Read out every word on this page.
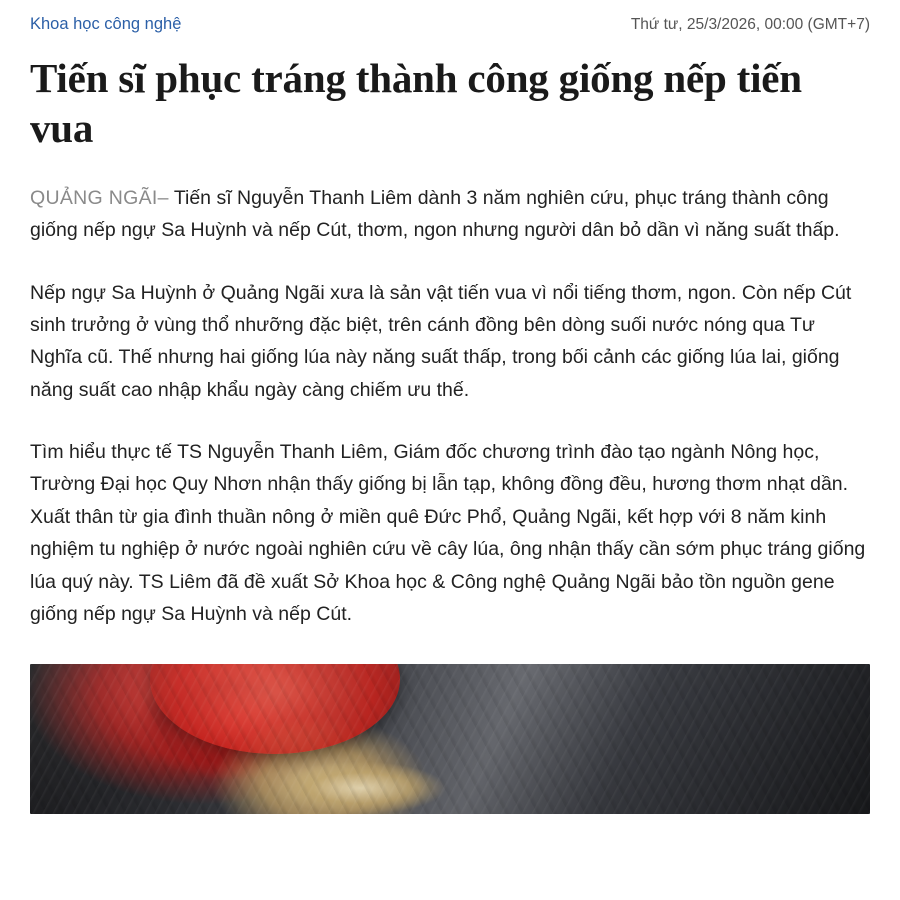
Khoa học công nghệ	Thứ tư, 25/3/2026, 00:00 (GMT+7)
Tiến sĩ phục tráng thành công giống nếp tiến vua

QUẢNG NGÃI– Tiến sĩ Nguyễn Thanh Liêm dành 3 năm nghiên cứu, phục tráng thành công giống nếp ngự Sa Huỳnh và nếp Cút, thơm, ngon nhưng người dân bỏ dần vì năng suất thấp.

Nếp ngự Sa Huỳnh ở Quảng Ngãi xưa là sản vật tiến vua vì nổi tiếng thơm, ngon. Còn nếp Cút sinh trưởng ở vùng thổ nhưỡng đặc biệt, trên cánh đồng bên dòng suối nước nóng qua Tư Nghĩa cũ. Thế nhưng hai giống lúa này năng suất thấp, trong bối cảnh các giống lúa lai, giống năng suất cao nhập khẩu ngày càng chiếm ưu thế.

Tìm hiểu thực tế TS Nguyễn Thanh Liêm, Giám đốc chương trình đào tạo ngành Nông học, Trường Đại học Quy Nhơn nhận thấy giống bị lẫn tạp, không đồng đều, hương thơm nhạt dần. Xuất thân từ gia đình thuần nông ở miền quê Đức Phổ, Quảng Ngãi, kết hợp với 8 năm kinh nghiệm tu nghiệp ở nước ngoài nghiên cứu về cây lúa, ông nhận thấy cần sớm phục tráng giống lúa quý này. TS Liêm đã đề xuất Sở Khoa học & Công nghệ Quảng Ngãi bảo tồn nguồn gene giống nếp ngự Sa Huỳnh và nếp Cút.
